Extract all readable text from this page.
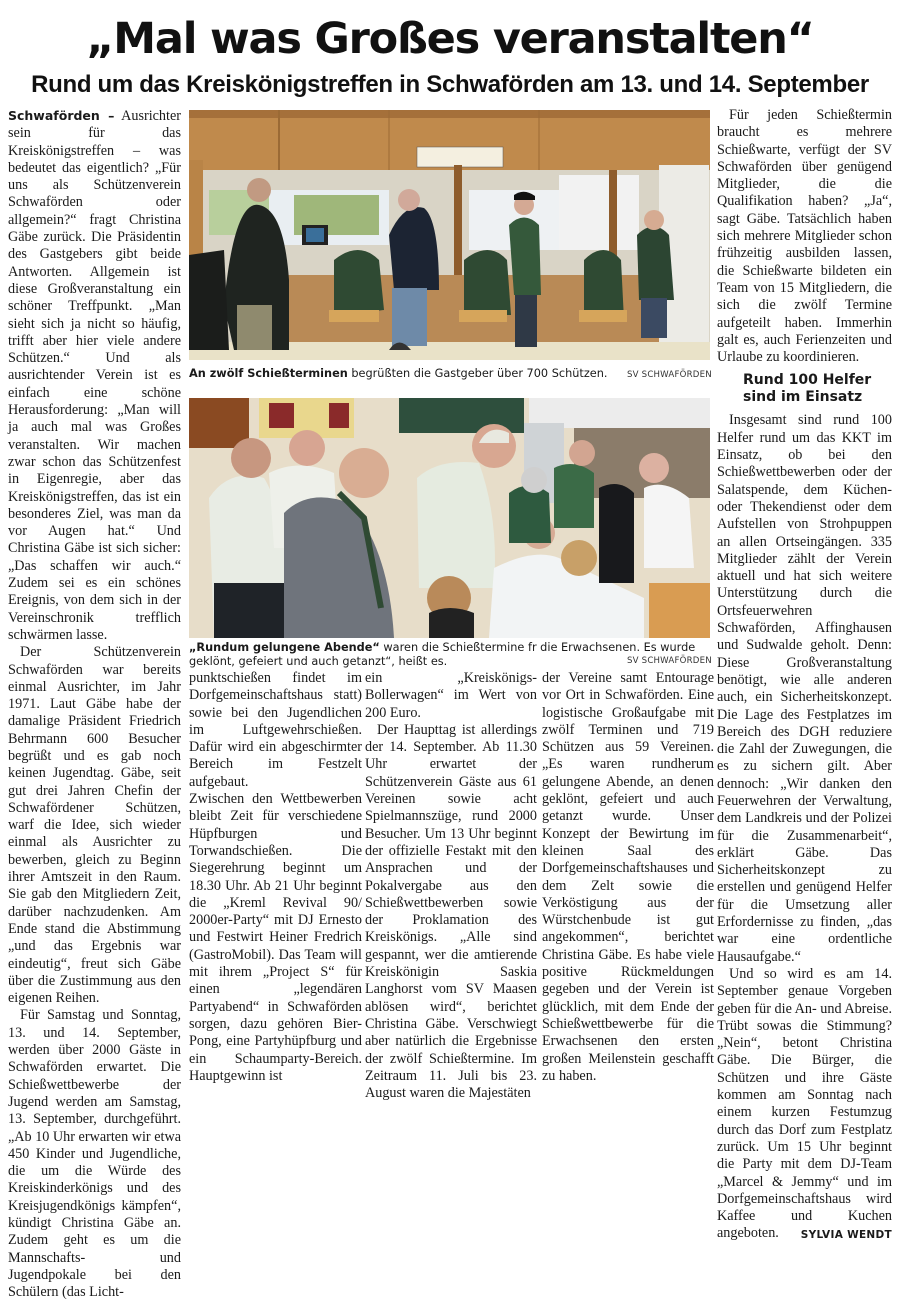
„Mal was Großes veranstalten“
Rund um das Kreiskönigstreffen in Schwaförden am 13. und 14. September

Schwaförden – Ausrichter sein für das Kreiskönigstreffen – was bedeutet das eigentlich? „Für uns als Schützenverein Schwaförden oder allgemein?“ fragt Christina Gäbe zurück. Die Präsidentin des Gastgebers gibt beide Antworten. Allgemein ist diese Großveranstaltung ein schöner Treffpunkt. „Man sieht sich ja nicht so häufig, trifft aber hier viele andere Schützen.“ Und als ausrichtender Verein ist es einfach eine schöne Herausforderung: „Man will ja auch mal was Großes veranstalten. Wir machen zwar schon das Schützenfest in Eigenregie, aber das Kreiskönigstreffen, das ist ein besonderes Ziel, was man da vor Augen hat.“ Und Christina Gäbe ist sich sicher: „Das schaffen wir auch.“ Zudem sei es ein schönes Ereignis, von dem sich in der Vereinschronik trefflich schwärmen lasse.

Der Schützenverein Schwaförden war bereits einmal Ausrichter, im Jahr 1971. Laut Gäbe habe der damalige Präsident Friedrich Behrmann 600 Besucher begrüßt und es gab noch keinen Jugendtag. Gäbe, seit gut drei Jahren Chefin der Schwafördener Schützen, warf die Idee, sich wieder einmal als Ausrichter zu bewerben, gleich zu Beginn ihrer Amtszeit in den Raum. Sie gab den Mitgliedern Zeit, darüber nachzudenken. Am Ende stand die Abstimmung „und das Ergebnis war eindeutig“, freut sich Gäbe über die Zustimmung aus den eigenen Reihen.

Für Samstag und Sonntag, 13. und 14. September, werden über 2000 Gäste in Schwaförden erwartet. Die Schießwettbewerbe der Jugend werden am Samstag, 13. September, durchgeführt. „Ab 10 Uhr erwarten wir etwa 450 Kinder und Jugendliche, die um die Würde des Kreiskinderkönigs und des Kreisjugendkönigs kämpfen“, kündigt Christina Gäbe an. Zudem geht es um die Mannschafts- und Jugendpokale bei den Schülern (das Licht-

An zwölf Schießterminen begrüßten die Gastgeber über 700 Schützen. SV SCHWAFÖRDEN
„Rundum gelungene Abende“ waren die Schießtermine fr die Erwachsenen. Es wurde geklönt, gefeiert und auch getanzt“, heißt es.	SV SCHWAFÖRDEN

punktschießen findet im Dorfgemeinschaftshaus statt) sowie bei den Jugendlichen im Luftgewehrschießen. Dafür wird ein abgeschirmter Bereich im Festzelt aufgebaut.

Zwischen den Wettbewerben bleibt Zeit für verschiedene Hüpfburgen und Torwandschießen. Die Siegerehrung beginnt um 18.30 Uhr. Ab 21 Uhr beginnt die „Kreml Revival 90/ 2000er-Party“ mit DJ Ernesto und Festwirt Heiner Fredrich (GastroMobil). Das Team will mit ihrem „Project S“ für einen „legendären Partyabend“ in Schwaförden sorgen, dazu gehören Bier-Pong, eine Partyhüpfburg und ein Schaumparty-Bereich. Hauptgewinn ist

ein „Kreiskönigs-Bollerwagen“ im Wert von 200 Euro.

Der Haupttag ist allerdings der 14. September. Ab 11.30 Uhr erwartet der Schützenverein Gäste aus 61 Vereinen sowie acht Spielmannszüge, rund 2000 Besucher. Um 13 Uhr beginnt der offizielle Festakt mit den Ansprachen und der Pokalvergabe aus den Schießwettbewerben sowie der Proklamation des Kreiskönigs. „Alle sind gespannt, wer die amtierende Kreiskönigin Saskia Langhorst vom SV Maasen ablösen wird“, berichtet Christina Gäbe. Verschwiegt aber natürlich die Ergebnisse der zwölf Schießtermine. Im Zeitraum 11. Juli bis 23. August waren die Majestäten

der Vereine samt Entourage vor Ort in Schwaförden. Eine logistische Großaufgabe mit zwölf Terminen und 719 Schützen aus 59 Vereinen. „Es waren rundherum gelungene Abende, an denen geklönt, gefeiert und auch getanzt wurde. Unser Konzept der Bewirtung im kleinen Saal des Dorfgemeinschaftshauses und dem Zelt sowie die Verköstigung aus der Würstchenbude ist gut angekommen“, berichtet Christina Gäbe. Es habe viele positive Rückmeldungen gegeben und der Verein ist glücklich, mit dem Ende der Schießwettbewerbe für die Erwachsenen den ersten großen Meilenstein geschafft zu haben.

Für jeden Schießtermin braucht es mehrere Schießwarte, verfügt der SV Schwaförden über genügend Mitglieder, die die Qualifikation haben? „Ja“, sagt Gäbe. Tatsächlich haben sich mehrere Mitglieder schon frühzeitig ausbilden lassen, die Schießwarte bildeten ein Team von 15 Mitgliedern, die sich die zwölf Termine aufgeteilt haben. Immerhin galt es, auch Ferienzeiten und Urlaube zu koordinieren.

Rund 100 Helfer sind im Einsatz

Insgesamt sind rund 100 Helfer rund um das KKT im Einsatz, ob bei den Schießwettbewerben oder der Salatspende, dem Küchen- oder Thekendienst oder dem Aufstellen von Strohpuppen an allen Ortseingängen. 335 Mitglieder zählt der Verein aktuell und hat sich weitere Unterstützung durch die Ortsfeuerwehren Schwaförden, Affinghausen und Sudwalde geholt. Denn: Diese Großveranstaltung benötigt, wie alle anderen auch, ein Sicherheitskonzept. Die Lage des Festplatzes im Bereich des DGH reduziere die Zahl der Zuwegungen, die es zu sichern gilt. Aber dennoch: „Wir danken den Feuerwehren der Verwaltung, dem Landkreis und der Polizei für die Zusammenarbeit“, erklärt Gäbe. Das Sicherheitskonzept zu erstellen und genügend Helfer für die Umsetzung aller Erfordernisse zu finden, „das war eine ordentliche Hausaufgabe.“

Und so wird es am 14. September genaue Vorgeben geben für die An- und Abreise. Trübt sowas die Stimmung? „Nein“, betont Christina Gäbe. Die Bürger, die Schützen und ihre Gäste kommen am Sonntag nach einem kurzen Festumzug durch das Dorf zum Festplatz zurück. Um 15 Uhr beginnt die Party mit dem DJ-Team „Marcel & Jemmy“ und im Dorfgemeinschaftshaus wird Kaffee und Kuchen angeboten.	SYLVIA WENDT
